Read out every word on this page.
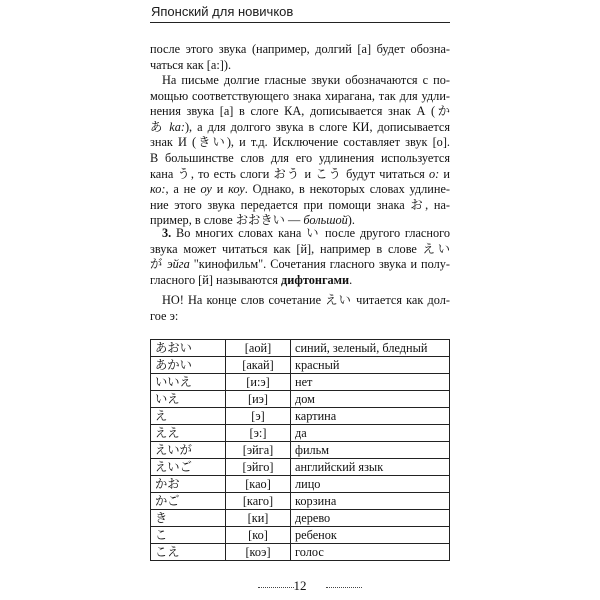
Японский для новичков

после этого звука (например, долгий [а] будет обозна-
чаться как [а:]).

На письме долгие гласные звуки обозначаются с по-
мощью соответствующего знака хирагана, так для удли-
нения звука [а] в слоге КА, дописывается знак А (か
あ ka:), а для долгого звука в слоге КИ, дописывается
знак И (きい), и т.д. Исключение составляет звук [о].
В большинстве слов для его удлинения используется
кана う, то есть слоги おう и こう будут читаться o: и
ко:, а не оу и коу. Однако, в некоторых словах удлине-
ние этого звука передается при помощи знака お, на-
пример, в слове おおきい — большой).

3. Во многих словах кана い после другого гласного
звука может читаться как [й], например в слове えい
が эйга "кинофильм". Сочетания гласного звука и полу-
гласного [й] называются дифтонгами.

НО! На конце слов сочетание えい читается как дол-
гое э:

あおい	[аой]	синий, зеленый, бледный
あかい	[акай]	красный
いいえ	[и:э]	нет
いえ	[иэ]	дом
え	[э]	картина
ええ	[э:]	да
えいが	[эйга]	фильм
えいご	[эйго]	английский язык
かお	[као]	лицо
かご	[каго]	корзина
き	[ки]	дерево
こ	[ко]	ребенок
こえ	[коэ]	голос
12
